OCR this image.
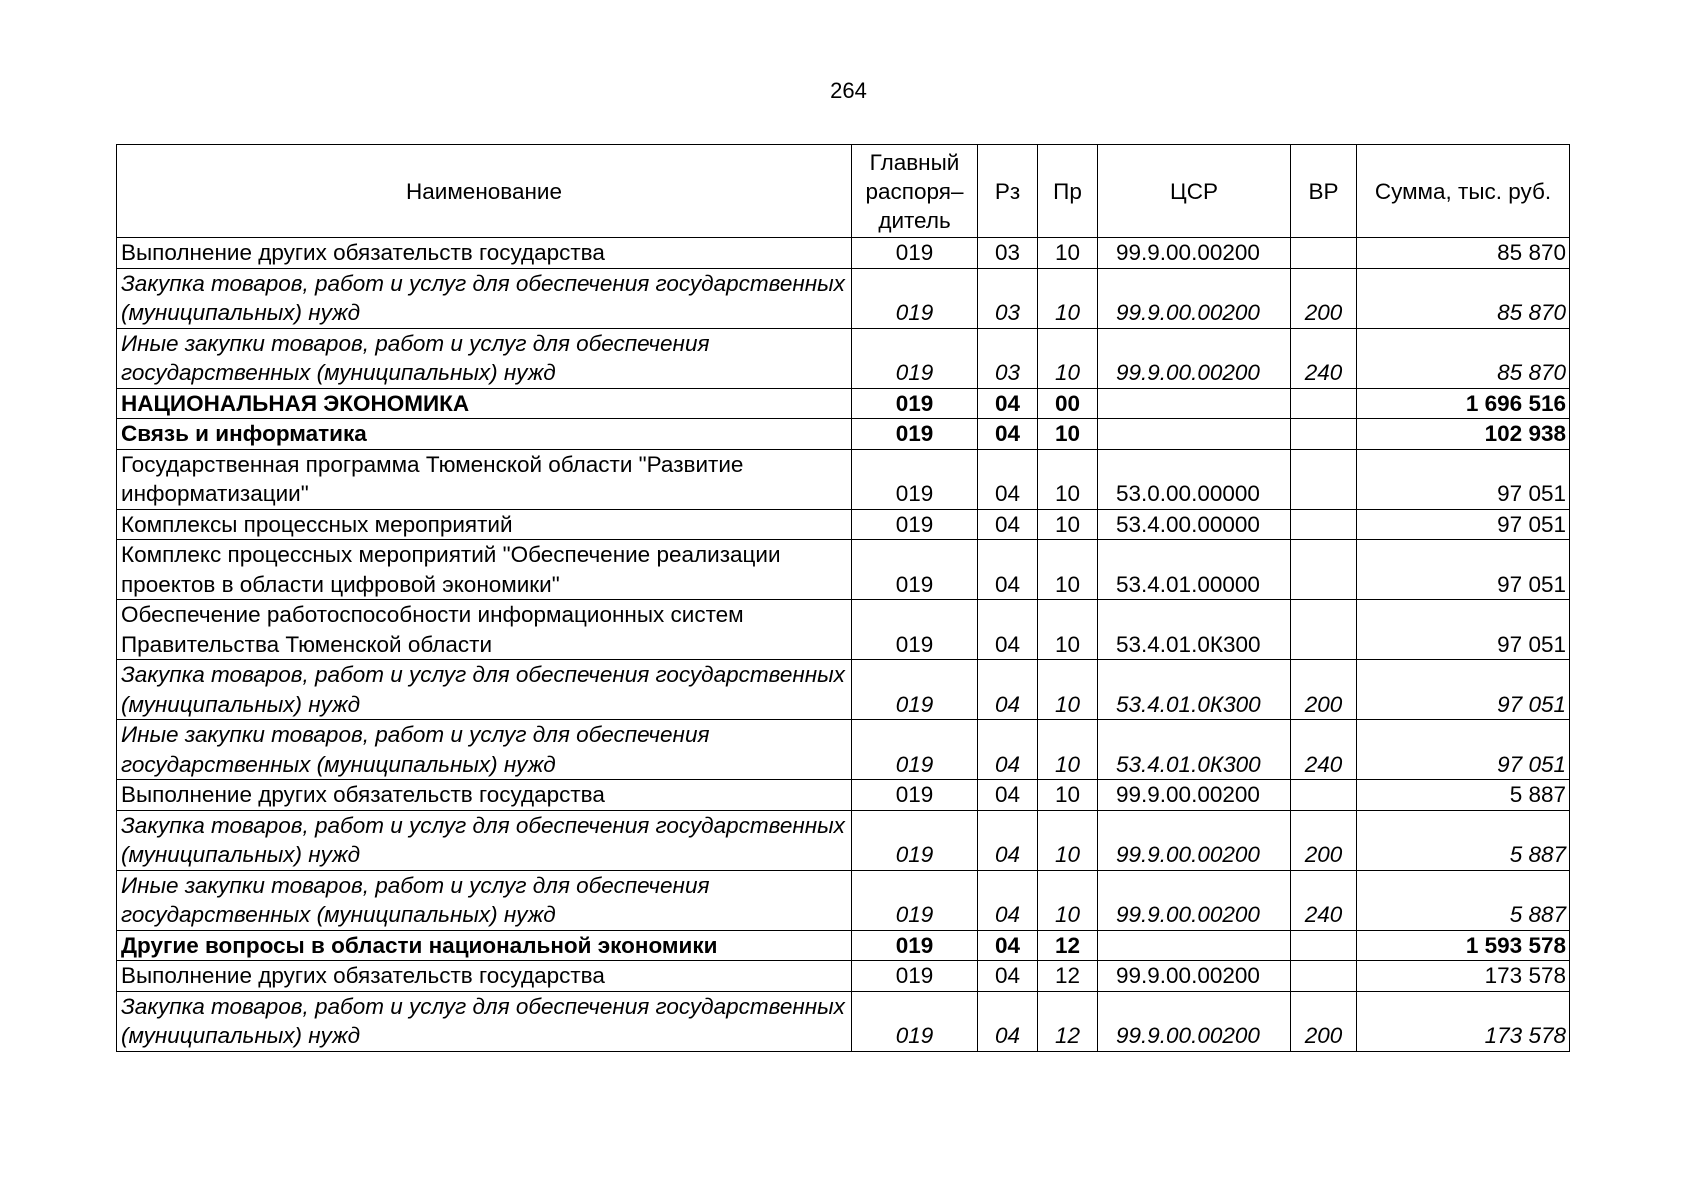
264
Наименование	Главный распоря– дитель	Рз	Пр	ЦСР	ВР	Сумма, тыс. руб.
Выполнение других обязательств государства	019	03	10	99.9.00.00200		85 870
Закупка товаров, работ и услуг для обеспечения государственных (муниципальных) нужд	019	03	10	99.9.00.00200	200	85 870
Иные закупки товаров, работ и услуг для обеспечения государственных (муниципальных) нужд	019	03	10	99.9.00.00200	240	85 870
НАЦИОНАЛЬНАЯ ЭКОНОМИКА	019	04	00			1 696 516
Связь и информатика	019	04	10			102 938
Государственная программа Тюменской области "Развитие информатизации"	019	04	10	53.0.00.00000		97 051
Комплексы процессных мероприятий	019	04	10	53.4.00.00000		97 051
Комплекс процессных мероприятий "Обеспечение реализации проектов в области цифровой экономики"	019	04	10	53.4.01.00000		97 051
Обеспечение работоспособности информационных систем Правительства Тюменской области	019	04	10	53.4.01.0К300		97 051
Закупка товаров, работ и услуг для обеспечения государственных (муниципальных) нужд	019	04	10	53.4.01.0К300	200	97 051
Иные закупки товаров, работ и услуг для обеспечения государственных (муниципальных) нужд	019	04	10	53.4.01.0К300	240	97 051
Выполнение других обязательств государства	019	04	10	99.9.00.00200		5 887
Закупка товаров, работ и услуг для обеспечения государственных (муниципальных) нужд	019	04	10	99.9.00.00200	200	5 887
Иные закупки товаров, работ и услуг для обеспечения государственных (муниципальных) нужд	019	04	10	99.9.00.00200	240	5 887
Другие вопросы в области национальной экономики	019	04	12			1 593 578
Выполнение других обязательств государства	019	04	12	99.9.00.00200		173 578
Закупка товаров, работ и услуг для обеспечения государственных (муниципальных) нужд	019	04	12	99.9.00.00200	200	173 578
